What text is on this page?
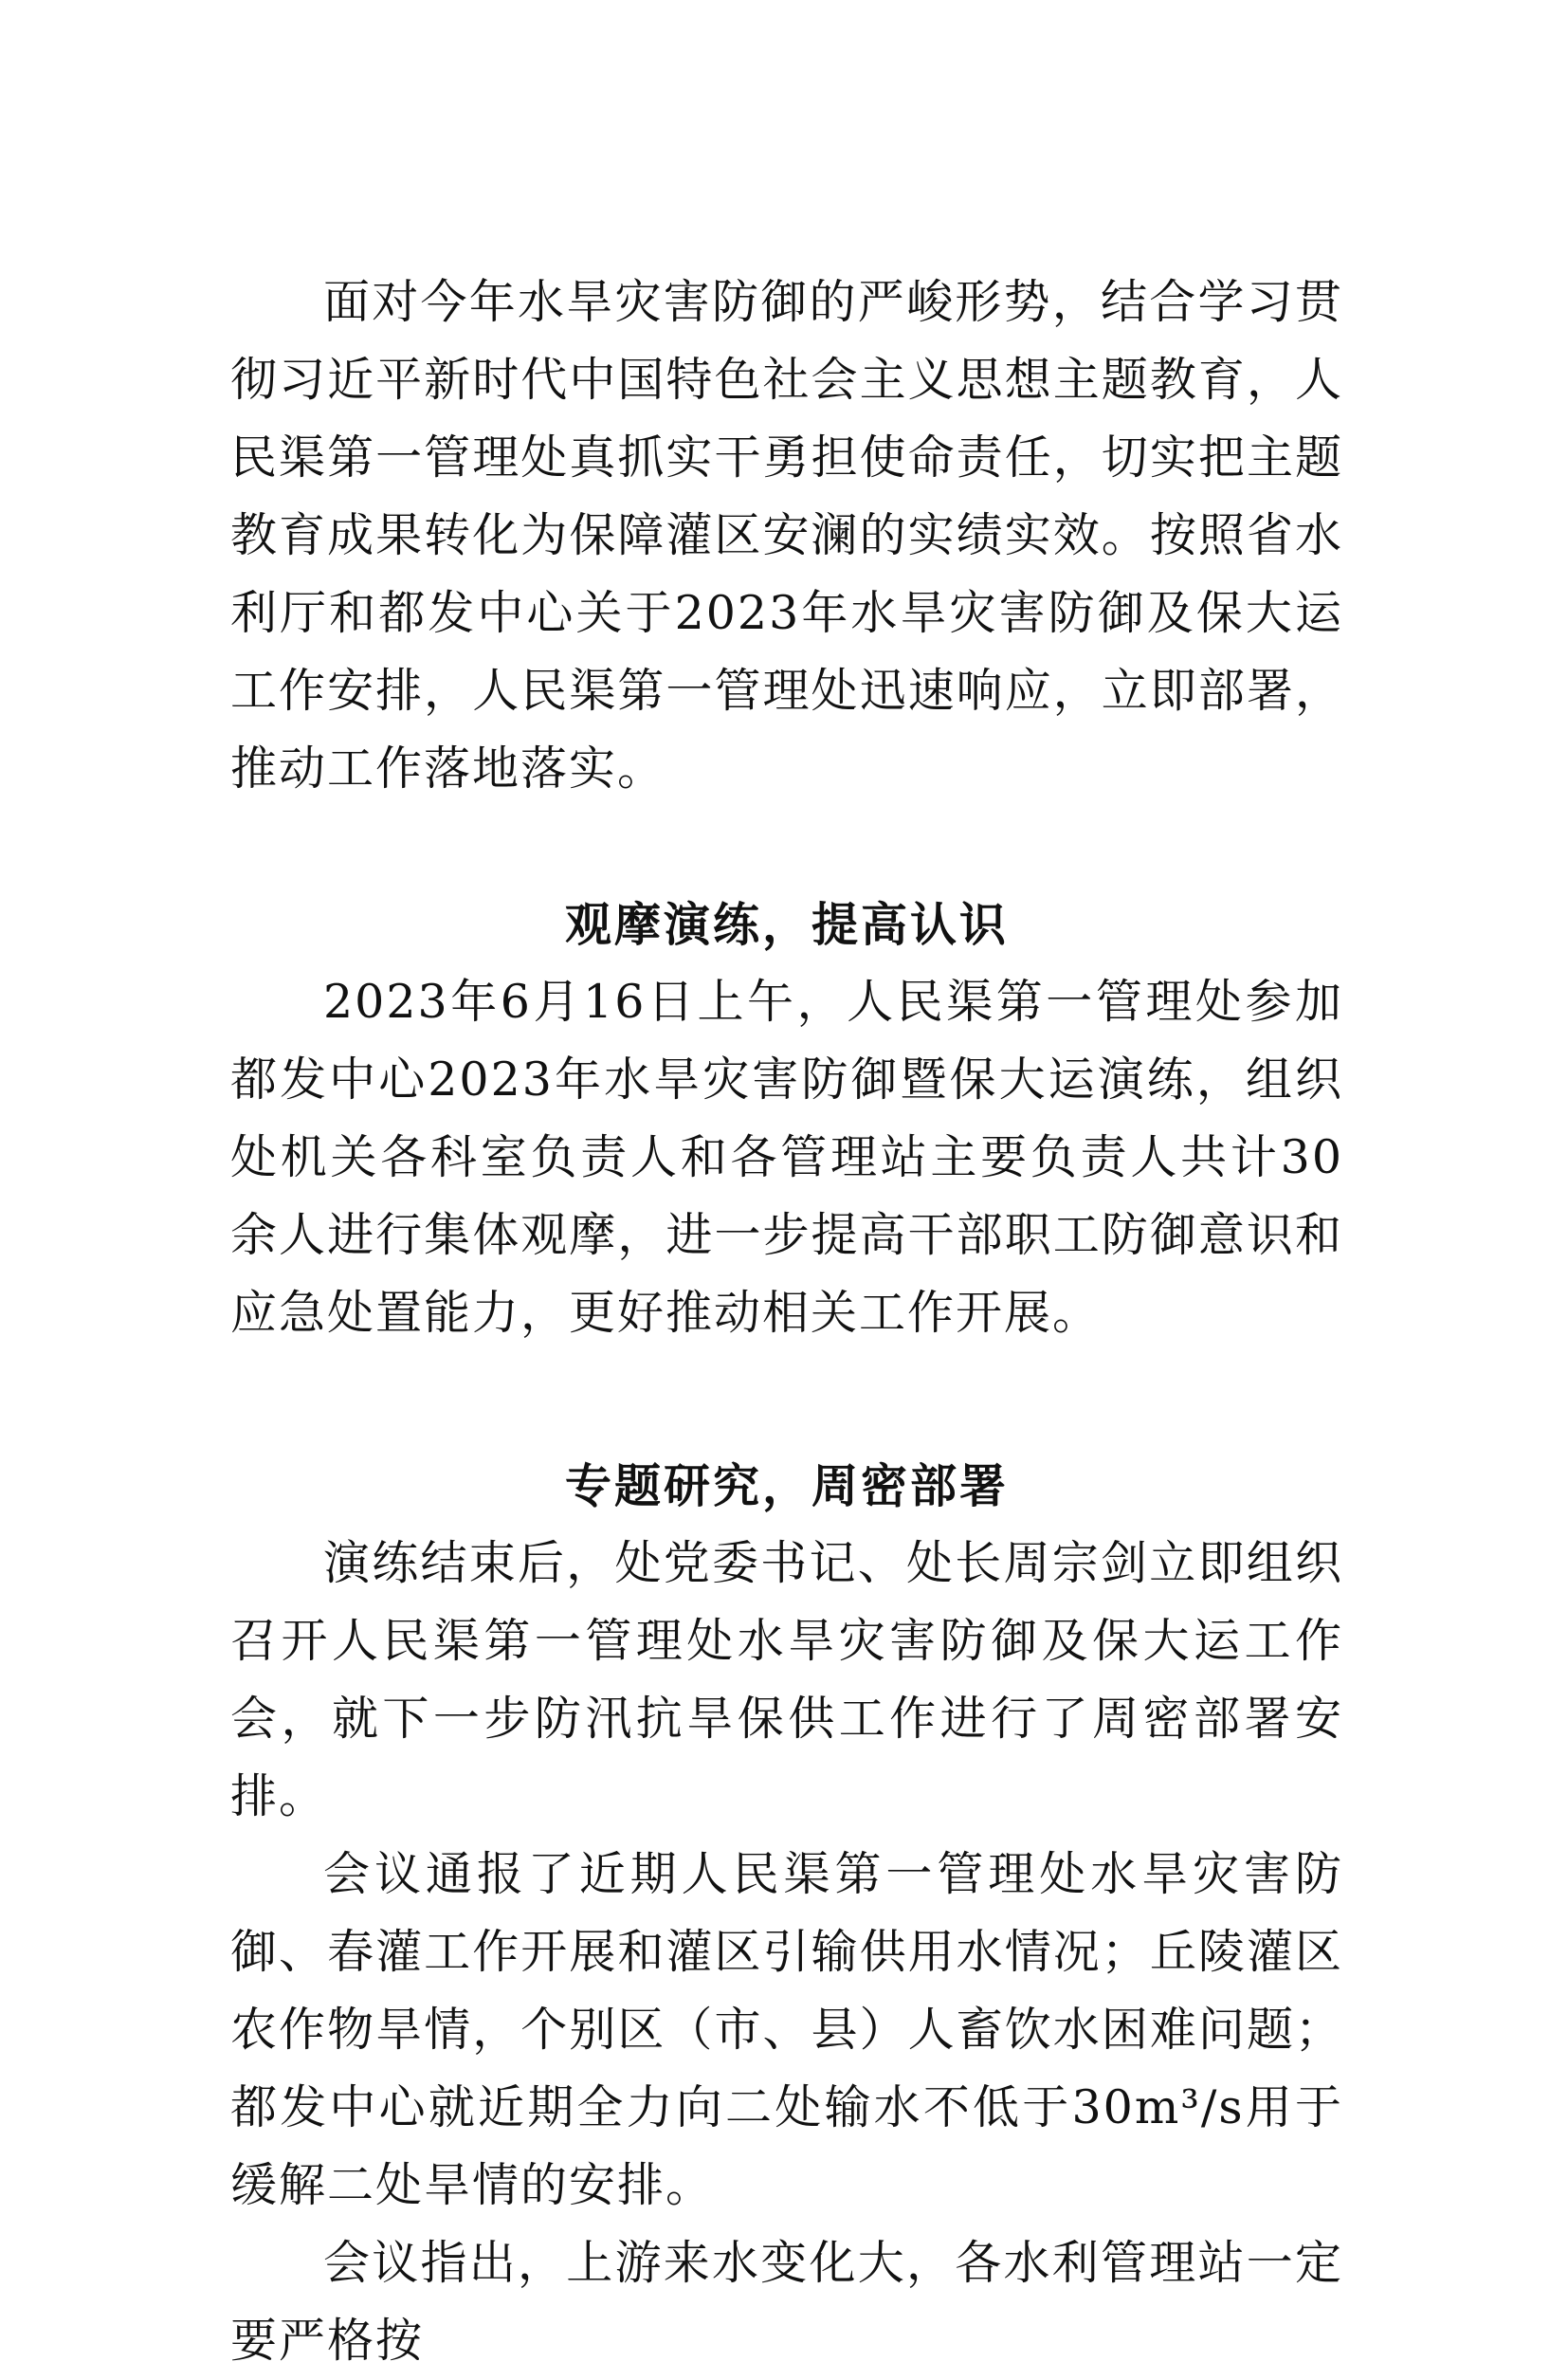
面对今年水旱灾害防御的严峻形势，结合学习贯彻习近平新时代中国特色社会主义思想主题教育，人民渠第一管理处真抓实干勇担使命责任，切实把主题教育成果转化为保障灌区安澜的实绩实效。按照省水利厅和都发中心关于2023年水旱灾害防御及保大运工作安排，人民渠第一管理处迅速响应，立即部署，推动工作落地落实。

观摩演练，提高认识

2023年6月16日上午，人民渠第一管理处参加都发中心2023年水旱灾害防御暨保大运演练，组织处机关各科室负责人和各管理站主要负责人共计30余人进行集体观摩，进一步提高干部职工防御意识和应急处置能力，更好推动相关工作开展。

专题研究，周密部署

演练结束后，处党委书记、处长周宗剑立即组织召开人民渠第一管理处水旱灾害防御及保大运工作会，就下一步防汛抗旱保供工作进行了周密部署安排。

会议通报了近期人民渠第一管理处水旱灾害防御、春灌工作开展和灌区引输供用水情况；丘陵灌区农作物旱情，个别区（市、县）人畜饮水困难问题；都发中心就近期全力向二处输水不低于30m³/s用于缓解二处旱情的安排。

会议指出，上游来水变化大，各水利管理站一定要严格按
